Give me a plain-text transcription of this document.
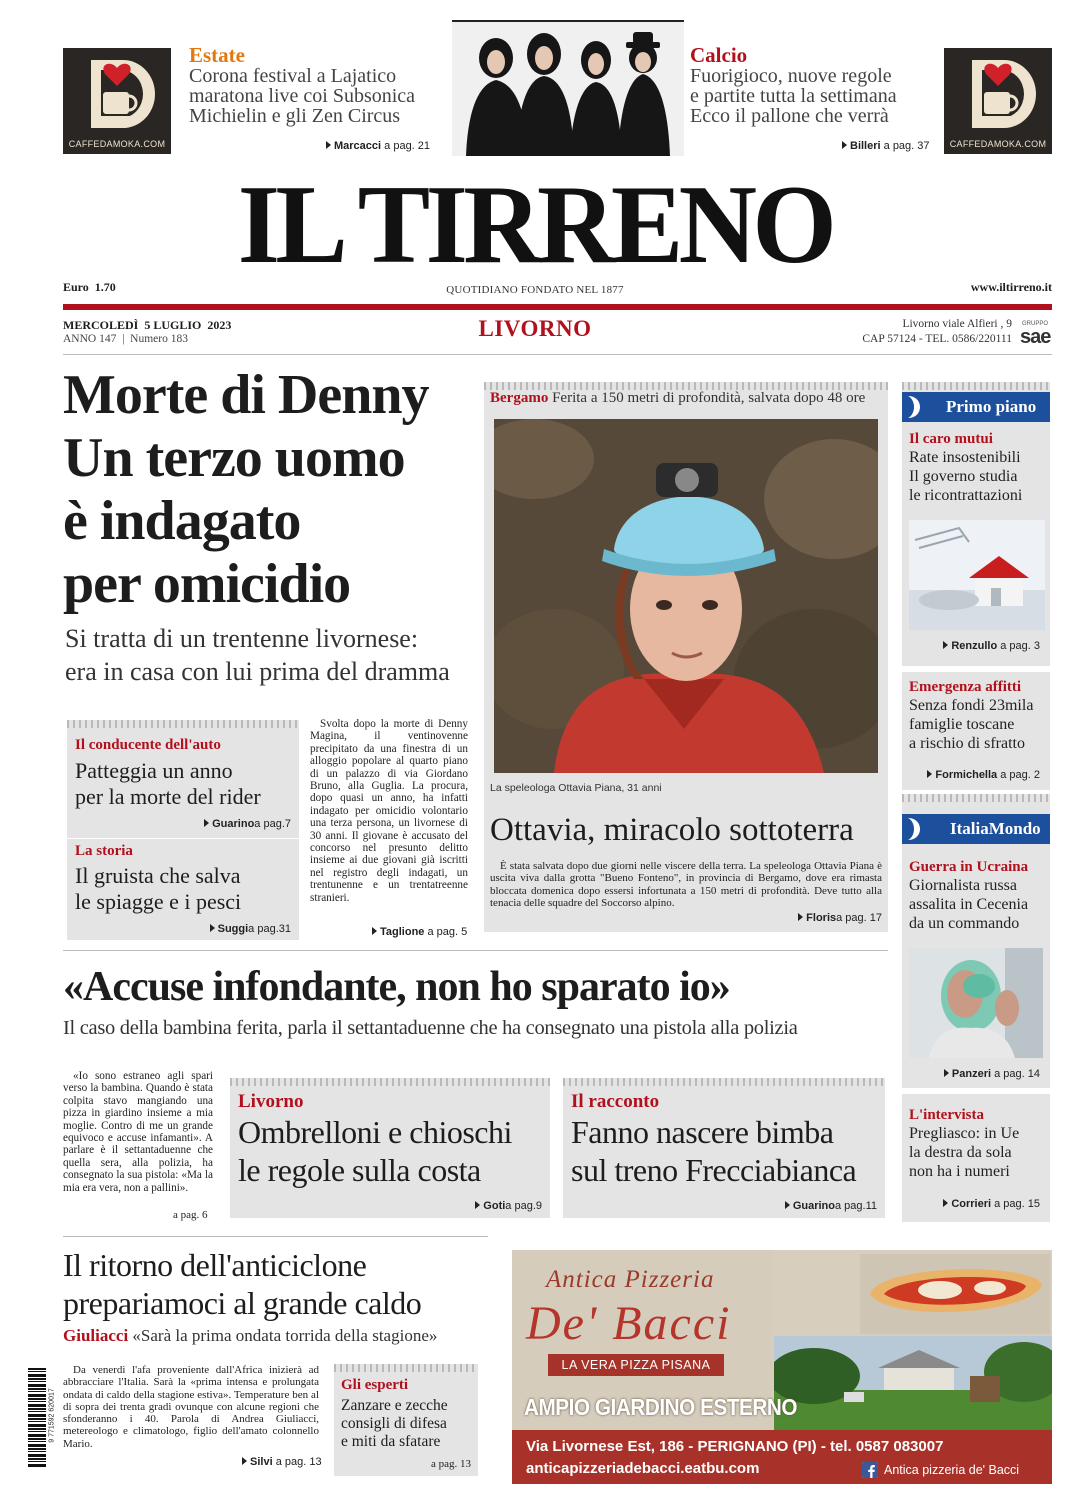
CAFFEDAMOKA.COM	CAFFEDAMOKA.COM
Estate
Corona festival a Lajatico
maratona live coi Subsonica
Michielin e gli Zen Circus
Marcacci a pag. 21
Calcio
Fuorigioco, nuove regole
e partite tutta la settimana
Ecco il pallone che verrà
Billeri a pag. 37
IL TIRRENO
Euro  1.70	QUOTIDIANO FONDATO NEL 1877	www.iltirreno.it
MERCOLEDÌ  5 LUGLIO  2023
ANNO 147  |  Numero 183	LIVORNO	Livorno viale Alfieri , 9
CAP 57124 - TEL. 0586/220111
GRUPPO
sae
Morte di Denny
Un terzo uomo
è indagato
per omicidio
Si tratta di un trentenne livornese:
era in casa con lui prima del dramma
Il conducente dell'auto
Patteggia un anno
per la morte del rider
Guarinoa pag.7
La storia
Il gruista che salva
le spiagge e i pesci
Suggia pag.31
Svolta dopo la morte di Denny Magina, il ventinovenne precipitato da una finestra di un alloggio popolare al quarto piano di un palazzo di via Giordano Bruno, alla Guglia. La procura, dopo quasi un anno, ha infatti indagato per omicidio volontario una terza persona, un livornese di 30 anni. Il giovane è accusato del concorso nel presunto delitto insieme ai due giovani già iscritti nel registro degli indagati, un trentunenne e un trentatreenne stranieri.
Taglione a pag. 5
Bergamo Ferita a 150 metri di profondità, salvata dopo 48 ore
La speleologa Ottavia Piana, 31 anni
Ottavia, miracolo sottoterra
È stata salvata dopo due giorni nelle viscere della terra. La speleologa Ottavia Piana è uscita viva dalla grotta "Bueno Fonteno", in provincia di Bergamo, dove era rimasta bloccata domenica dopo essersi infortunata a 150 metri di profondità. Deve tutto alla tenacia delle squadre del Soccorso alpino.
Florisa pag. 17
Primo piano
Il caro mutui
Rate insostenibili
Il governo studia
le ricontrattazioni
Renzullo a pag. 3
Emergenza affitti
Senza fondi 23mila
famiglie toscane
a rischio di sfratto
Formichella a pag. 2
ItaliaMondo
Guerra in Ucraina
Giornalista russa
assalita in Cecenia
da un commando
Panzeri a pag. 14
L'intervista
Pregliasco: in Ue
la destra da sola
non ha i numeri
Corrieri a pag. 15
«Accuse infondante, non ho sparato io»
Il caso della bambina ferita, parla il settantaduenne che ha consegnato una pistola alla polizia
«Io sono estraneo agli spari verso la bambina. Quando è stata colpita stavo mangiando una pizza in giardino insieme a mia moglie. Contro di me un grande equivoco e accuse infamanti». A parlare è il settantaduenne che quella sera, alla polizia, ha consegnato la sua pistola: «Ma la mia era vera, non a pallini».
a pag. 6
Livorno
Ombrelloni e chioschi
le regole sulla costa
Gotia pag.9
Il racconto
Fanno nascere bimba
sul treno Frecciabianca
Guarinoa pag.11
Il ritorno dell'anticiclone
prepariamoci al grande caldo
Giuliacci «Sarà la prima ondata torrida della stagione»
9 771592 620017
Da venerdì l'afa proveniente dall'Africa inizierà ad abbracciare l'Italia. Sarà la «prima intensa e prolungata ondata di caldo della stagione estiva». Temperature ben al di sopra dei trenta gradi ovunque con alcune regioni che sfonderanno i 40. Parola di Andrea Giuliacci, metereologo e climatologo, figlio dell'amato colonnello Mario.
Silvi a pag. 13
Gli esperti
Zanzare e zecche
consigli di difesa
e miti da sfatare
a pag. 13
Antica Pizzeria
De' Bacci
LA VERA PIZZA PISANA
AMPIO GIARDINO ESTERNO
Via Livornese Est, 186 - PERIGNANO (PI) - tel. 0587 083007
anticapizzeriadebacci.eatbu.com	Antica pizzeria de' Bacci
